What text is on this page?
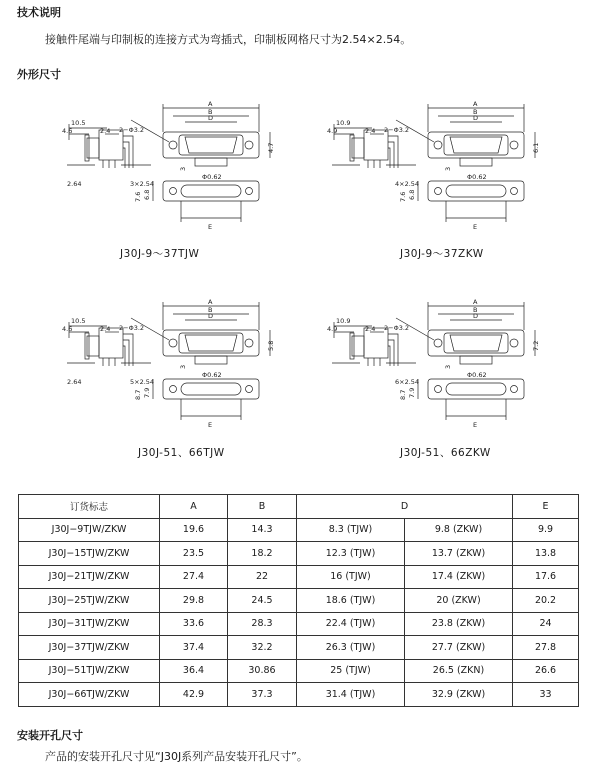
技术说明
接触件尾端与印制板的连接方式为弯插式，印制板网格尺寸为2.54×2.54。
外形尺寸
10.5
4.6	2.4 2−Φ3.2
3×2.54
2.64
Φ0.62
A
B
D
E
4.7
3
7.6 6.8
10.9
4.9	2.4 2−Φ3.2
4×2.54
Φ0.62
A
B
D
E
6.1
3
7.6 6.8
10.5
4.6	2.4 2−Φ3.2
5×2.54
2.64
Φ0.62
A
B
D
E
5.8
3
8.7 7.9
10.9
4.9	2.4 2−Φ3.2
6×2.54
Φ0.62
A
B
D
E
7.2
3
8.7 7.9
J30J-9～37TJW	J30J-9～37ZKW
J30J-51、66TJW	J30J-51、66ZKW
订货标志	A	B	D		E
J30J−9TJW/ZKW	19.6	14.3	8.3 (TJW)	9.8 (ZKW)	9.9
J30J−15TJW/ZKW	23.5	18.2	12.3 (TJW)	13.7 (ZKW)	13.8
J30J−21TJW/ZKW	27.4	22	16 (TJW)	17.4 (ZKW)	17.6
J30J−25TJW/ZKW	29.8	24.5	18.6 (TJW)	20 (ZKW)	20.2
J30J−31TJW/ZKW	33.6	28.3	22.4 (TJW)	23.8 (ZKW)	24
J30J−37TJW/ZKW	37.4	32.2	26.3 (TJW)	27.7 (ZKW)	27.8
J30J−51TJW/ZKW	36.4	30.86	25 (TJW)	26.5 (ZKN)	26.6
J30J−66TJW/ZKW	42.9	37.3	31.4 (TJW)	32.9 (ZKW)	33
安装开孔尺寸
产品的安装开孔尺寸见“J30J系列产品安装开孔尺寸”。
